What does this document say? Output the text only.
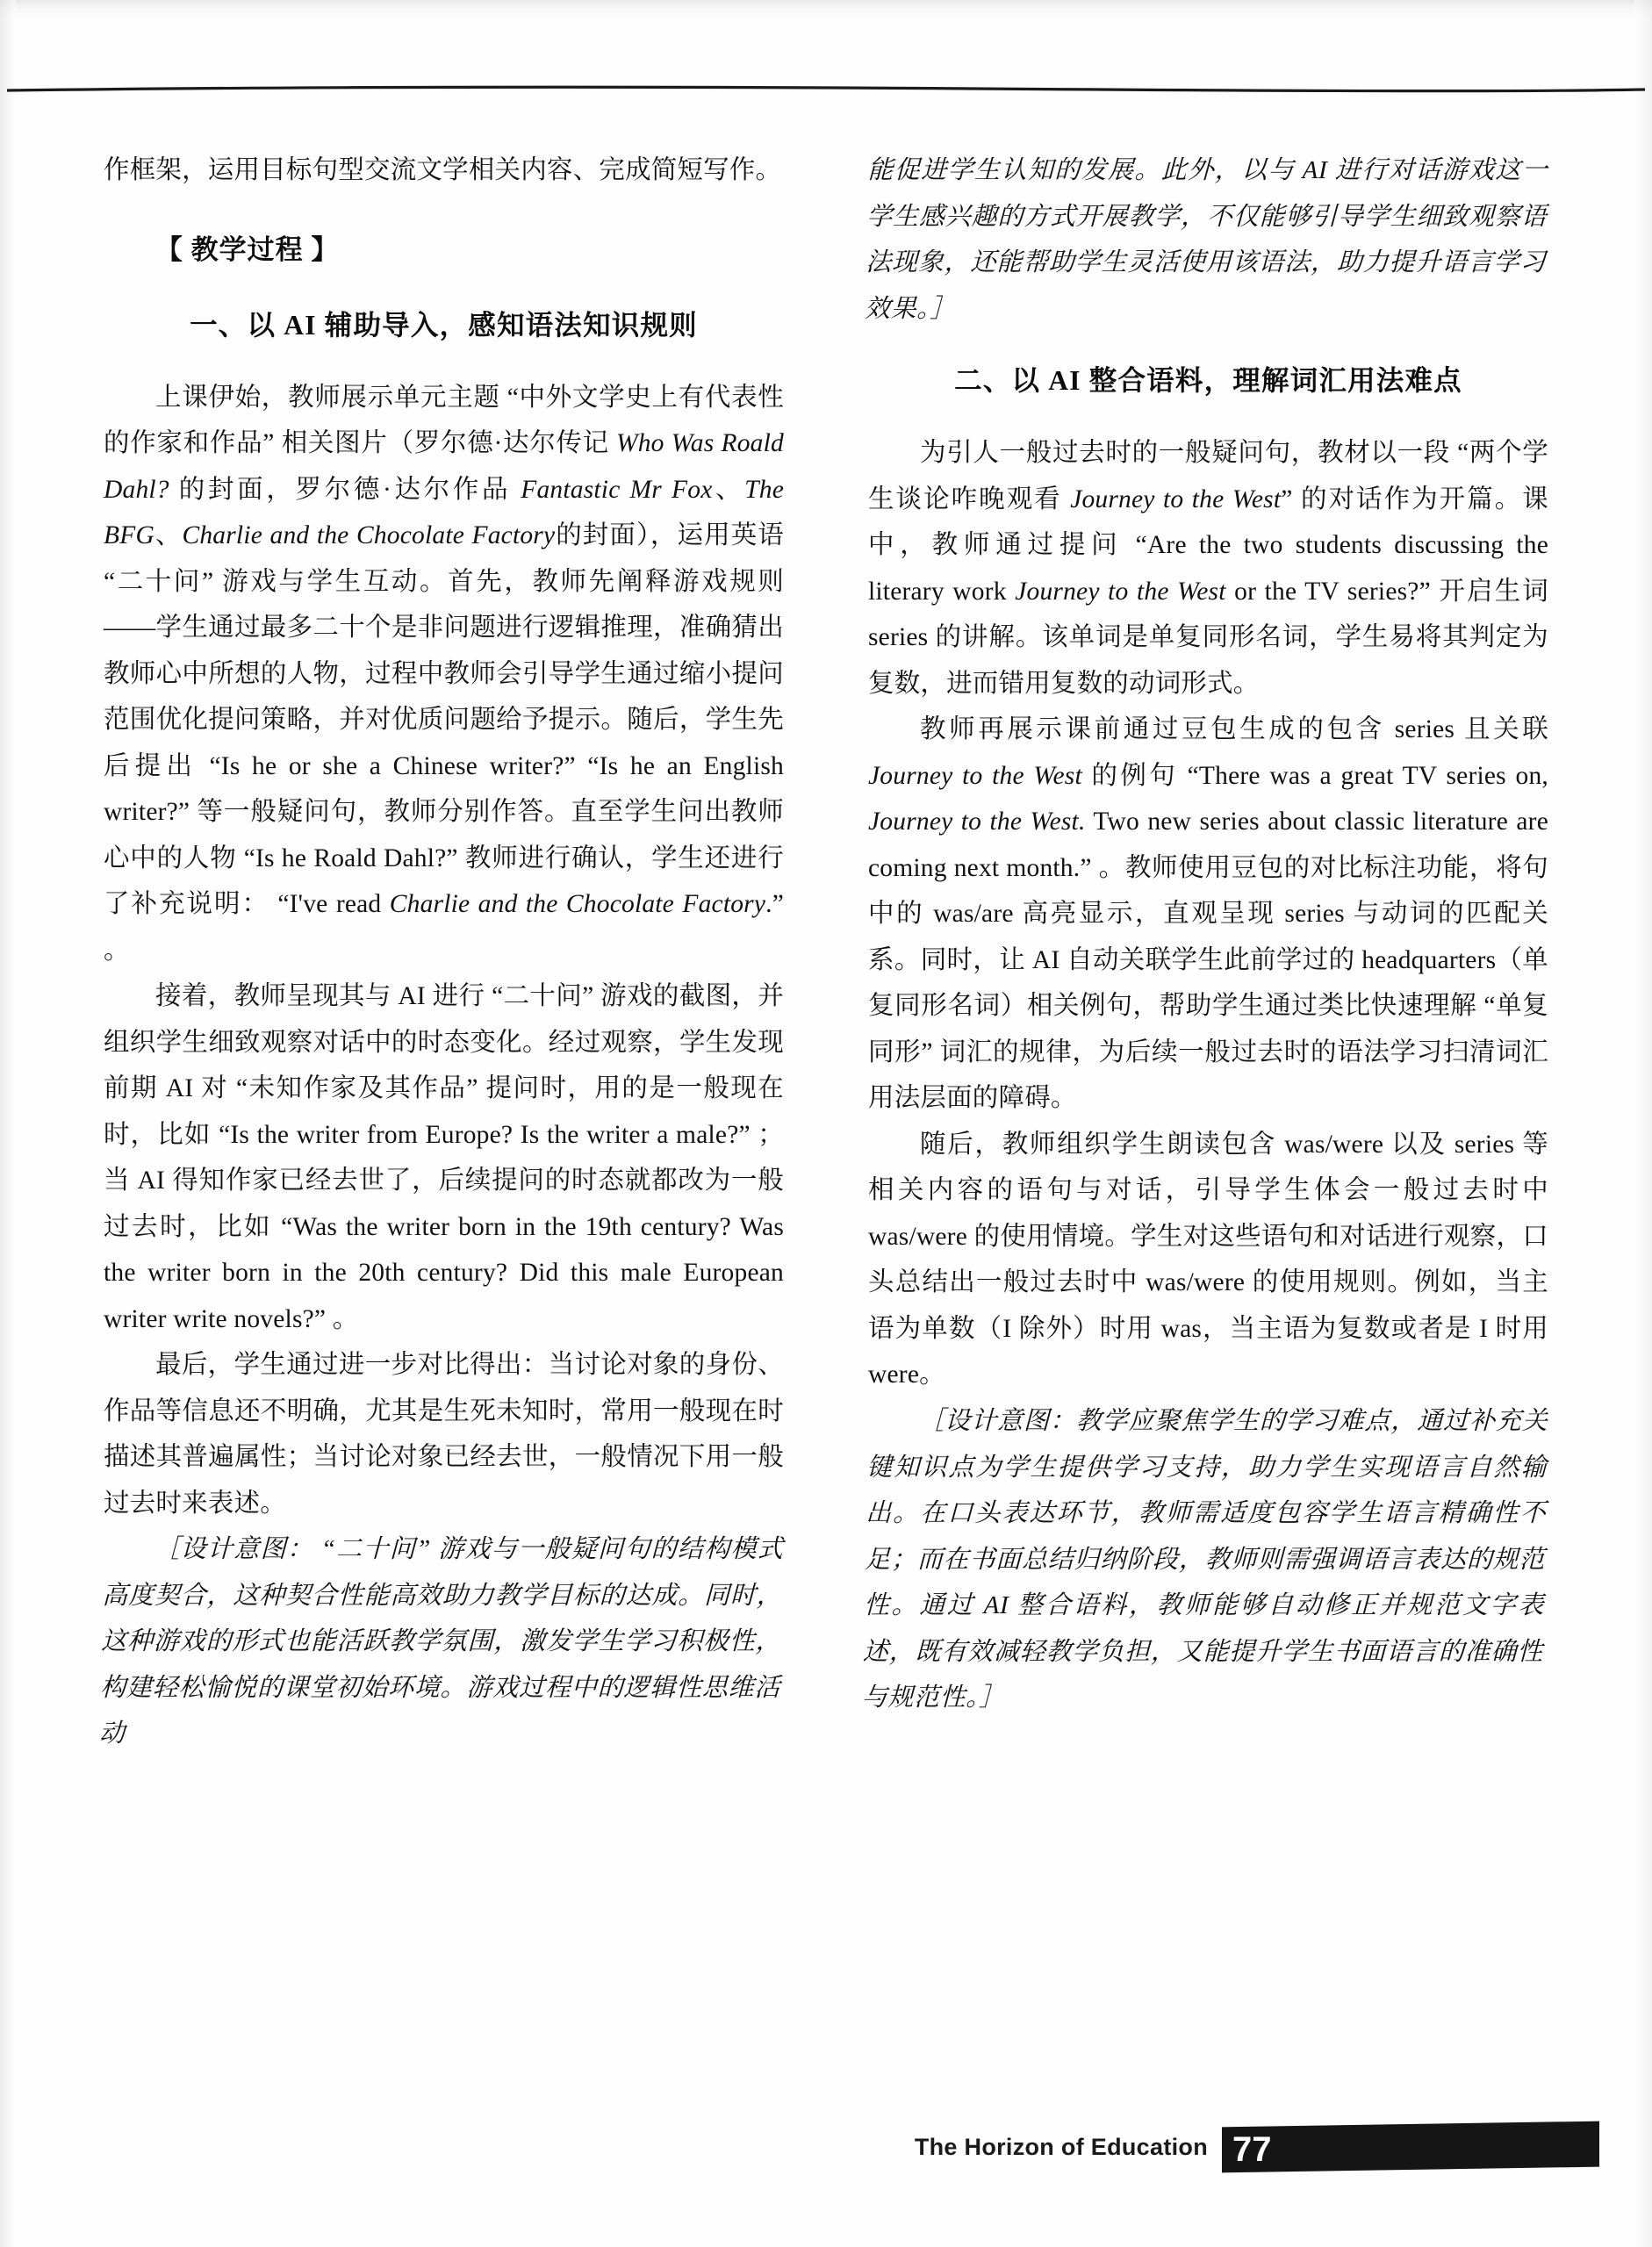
作框架，运用目标句型交流文学相关内容、完成简短写作。

【 教学过程 】
一、以 AI 辅助导入，感知语法知识规则

上课伊始，教师展示单元主题 “中外文学史上有代表性的作家和作品” 相关图片（罗尔德·达尔传记 Who Was Roald Dahl? 的封面，罗尔德·达尔作品 Fantastic Mr Fox、The BFG、Charlie and the Chocolate Factory的封面），运用英语 “二十问” 游戏与学生互动。首先，教师先阐释游戏规则——学生通过最多二十个是非问题进行逻辑推理，准确猜出教师心中所想的人物，过程中教师会引导学生通过缩小提问范围优化提问策略，并对优质问题给予提示。随后，学生先后提出 “Is he or she a Chinese writer?” “Is he an English writer?” 等一般疑问句，教师分别作答。直至学生问出教师心中的人物 “Is he Roald Dahl?” 教师进行确认，学生还进行了补充说明： “I've read Charlie and the Chocolate Factory.” 。

接着，教师呈现其与 AI 进行 “二十问” 游戏的截图，并组织学生细致观察对话中的时态变化。经过观察，学生发现前期 AI 对 “未知作家及其作品” 提问时，用的是一般现在时，比如 “Is the writer from Europe? Is the writer a male?” ；当 AI 得知作家已经去世了，后续提问的时态就都改为一般过去时，比如 “Was the writer born in the 19th century? Was the writer born in the 20th century? Did this male European writer write novels?” 。

最后，学生通过进一步对比得出：当讨论对象的身份、作品等信息还不明确，尤其是生死未知时，常用一般现在时描述其普遍属性；当讨论对象已经去世，一般情况下用一般过去时来表述。

［设计意图： “二十问” 游戏与一般疑问句的结构模式高度契合，这种契合性能高效助力教学目标的达成。同时，这种游戏的形式也能活跃教学氛围，激发学生学习积极性，构建轻松愉悦的课堂初始环境。游戏过程中的逻辑性思维活动

能促进学生认知的发展。此外，以与 AI 进行对话游戏这一学生感兴趣的方式开展教学，不仅能够引导学生细致观察语法现象，还能帮助学生灵活使用该语法，助力提升语言学习效果。］

二、以 AI 整合语料，理解词汇用法难点

为引人一般过去时的一般疑问句，教材以一段 “两个学生谈论咋晚观看 Journey to the West” 的对话作为开篇。课中，教师通过提问 “Are the two students discussing the literary work Journey to the West or the TV series?” 开启生词 series 的讲解。该单词是单复同形名词，学生易将其判定为复数，进而错用复数的动词形式。

教师再展示课前通过豆包生成的包含 series 且关联 Journey to the West 的例句 “There was a great TV series on, Journey to the West. Two new series about classic literature are coming next month.” 。教师使用豆包的对比标注功能，将句中的 was/are 高亮显示，直观呈现 series 与动词的匹配关系。同时，让 AI 自动关联学生此前学过的 headquarters（单复同形名词）相关例句，帮助学生通过类比快速理解 “单复同形” 词汇的规律，为后续一般过去时的语法学习扫清词汇用法层面的障碍。

随后，教师组织学生朗读包含 was/were 以及 series 等相关内容的语句与对话，引导学生体会一般过去时中 was/were 的使用情境。学生对这些语句和对话进行观察，口头总结出一般过去时中 was/were 的使用规则。例如，当主语为单数（I 除外）时用 was，当主语为复数或者是 I 时用 were。

［设计意图：教学应聚焦学生的学习难点，通过补充关键知识点为学生提供学习支持，助力学生实现语言自然输出。在口头表达环节，教师需适度包容学生语言精确性不足；而在书面总结归纳阶段，教师则需强调语言表达的规范性。通过 AI 整合语料，教师能够自动修正并规范文字表述，既有效减轻教学负担，又能提升学生书面语言的准确性与规范性。］

The Horizon of Education 77
